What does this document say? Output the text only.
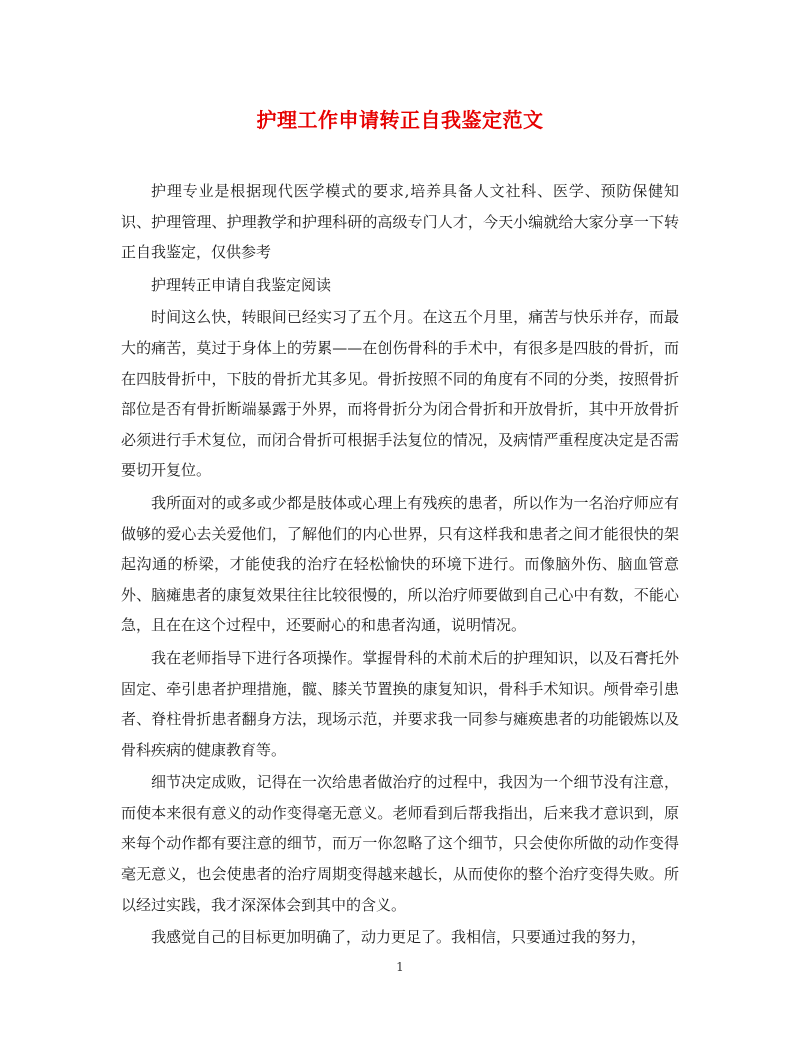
护理工作申请转正自我鉴定范文

护理专业是根据现代医学模式的要求,培养具备人文社科、医学、预防保健知识、护理管理、护理教学和护理科研的高级专门人才，今天小编就给大家分享一下转正自我鉴定，仅供参考

护理转正申请自我鉴定阅读

时间这么快，转眼间已经实习了五个月。在这五个月里，痛苦与快乐并存，而最大的痛苦，莫过于身体上的劳累——在创伤骨科的手术中，有很多是四肢的骨折，而在四肢骨折中，下肢的骨折尤其多见。骨折按照不同的角度有不同的分类，按照骨折部位是否有骨折断端暴露于外界，而将骨折分为闭合骨折和开放骨折，其中开放骨折必须进行手术复位，而闭合骨折可根据手法复位的情况，及病情严重程度决定是否需要切开复位。

我所面对的或多或少都是肢体或心理上有残疾的患者，所以作为一名治疗师应有做够的爱心去关爱他们，了解他们的内心世界，只有这样我和患者之间才能很快的架起沟通的桥梁，才能使我的治疗在轻松愉快的环境下进行。而像脑外伤、脑血管意外、脑瘫患者的康复效果往往比较很慢的，所以治疗师要做到自己心中有数，不能心急，且在在这个过程中，还要耐心的和患者沟通，说明情况。

我在老师指导下进行各项操作。掌握骨科的术前术后的护理知识，以及石膏托外固定、牵引患者护理措施，髋、膝关节置换的康复知识，骨科手术知识。颅骨牵引患者、脊柱骨折患者翻身方法，现场示范，并要求我一同参与瘫痪患者的功能锻炼以及骨科疾病的健康教育等。

细节决定成败，记得在一次给患者做治疗的过程中，我因为一个细节没有注意，而使本来很有意义的动作变得毫无意义。老师看到后帮我指出，后来我才意识到，原来每个动作都有要注意的细节，而万一你忽略了这个细节，只会使你所做的动作变得毫无意义，也会使患者的治疗周期变得越来越长，从而使你的整个治疗变得失败。所以经过实践，我才深深体会到其中的含义。

我感觉自己的目标更加明确了，动力更足了。我相信，只要通过我的努力，

1
